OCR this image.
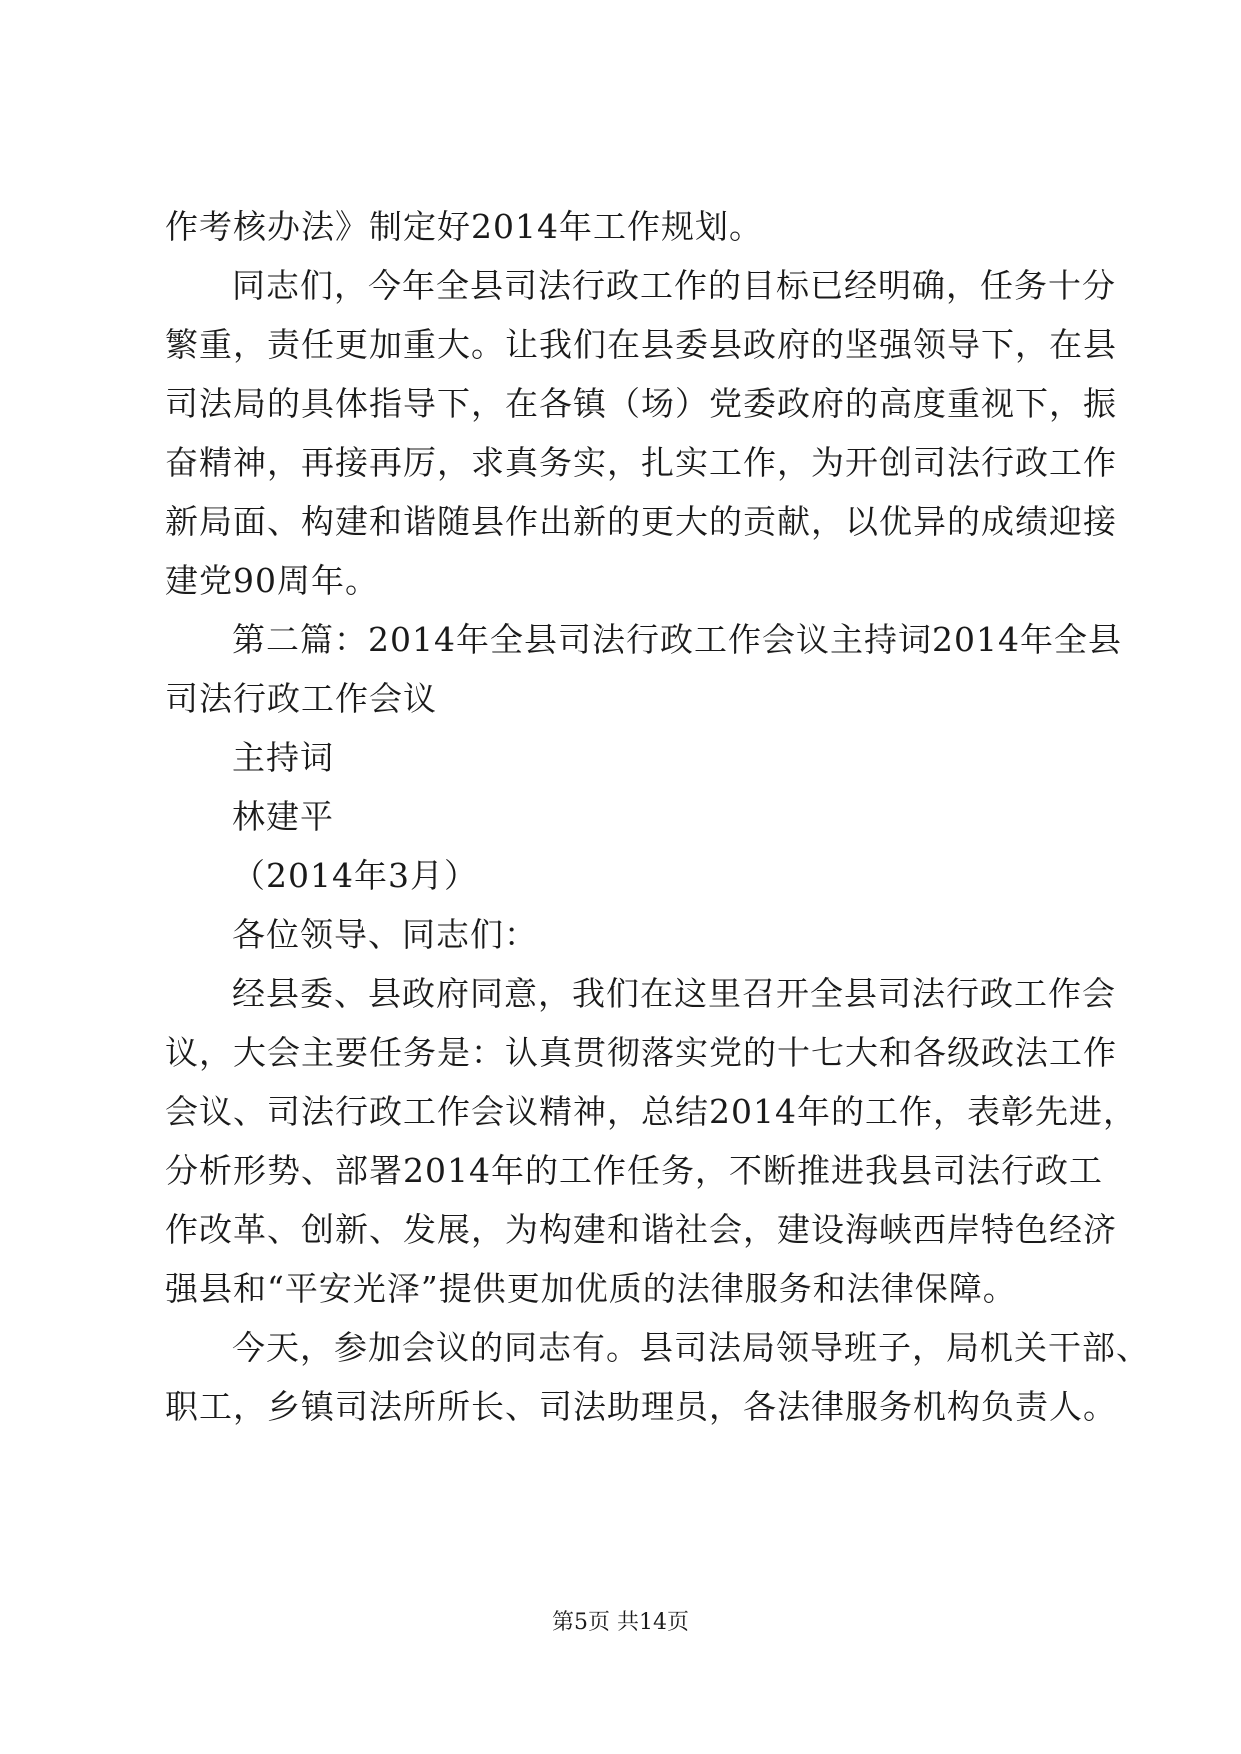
作考核办法》制定好2014年工作规划。
同志们，今年全县司法行政工作的目标已经明确，任务十分
繁重，责任更加重大。让我们在县委县政府的坚强领导下，在县
司法局的具体指导下，在各镇（场）党委政府的高度重视下，振
奋精神，再接再厉，求真务实，扎实工作，为开创司法行政工作
新局面、构建和谐随县作出新的更大的贡献，以优异的成绩迎接
建党90周年。
第二篇：2014年全县司法行政工作会议主持词2014年全县
司法行政工作会议
主持词
林建平
（2014年3月）
各位领导、同志们：
经县委、县政府同意，我们在这里召开全县司法行政工作会
议，大会主要任务是：认真贯彻落实党的十七大和各级政法工作
会议、司法行政工作会议精神，总结2014年的工作，表彰先进，
分析形势、部署2014年的工作任务，不断推进我县司法行政工
作改革、创新、发展，为构建和谐社会，建设海峡西岸特色经济
强县和“平安光泽”提供更加优质的法律服务和法律保障。
今天，参加会议的同志有。县司法局领导班子，局机关干部、
职工，乡镇司法所所长、司法助理员，各法律服务机构负责人。
第5页 共14页
